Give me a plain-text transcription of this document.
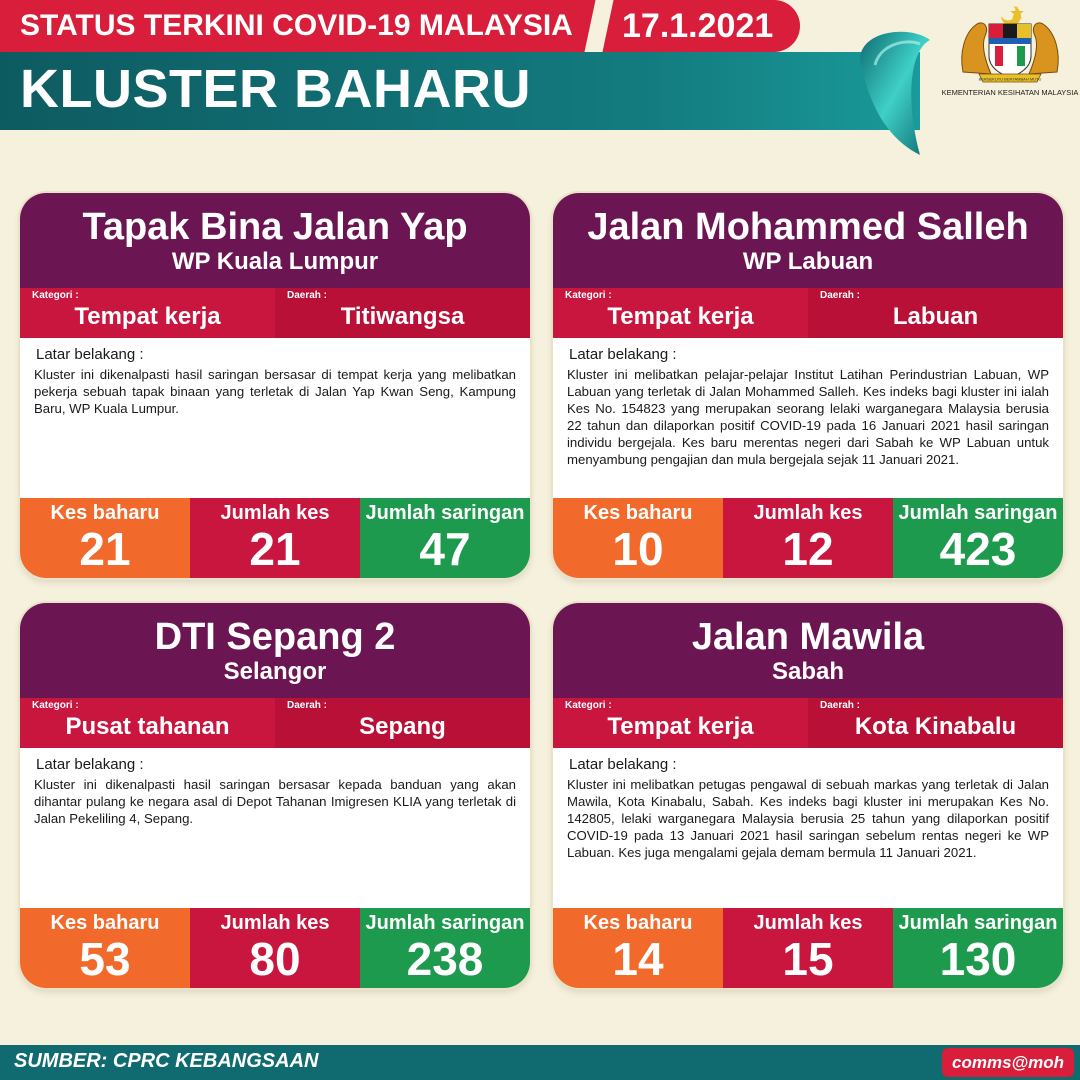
STATUS TERKINI COVID-19 MALAYSIA	17.1.2021
KLUSTER BAHARU	BERSEKUTU BERTAMBAH MUTU
KEMENTERIAN KESIHATAN MALAYSIA
Tapak Bina Jalan Yap
WP Kuala Lumpur
Kategori :
Tempat kerja
Daerah :
Titiwangsa
Latar belakang :
Kluster ini dikenalpasti hasil saringan bersasar di tempat kerja yang melibatkan pekerja sebuah tapak binaan yang terletak di Jalan Yap Kwan Seng, Kampung Baru, WP Kuala Lumpur.
Kes baharu
21
Jumlah kes
21
Jumlah saringan
47
Jalan Mohammed Salleh
WP Labuan
Kategori :
Tempat kerja
Daerah :
Labuan
Latar belakang :
Kluster ini melibatkan pelajar-pelajar Institut Latihan Perindustrian Labuan, WP Labuan yang terletak di Jalan Mohammed Salleh. Kes indeks bagi kluster ini ialah Kes No. 154823 yang merupakan seorang lelaki warganegara Malaysia berusia 22 tahun dan dilaporkan positif COVID-19 pada 16 Januari 2021 hasil saringan individu bergejala. Kes baru merentas negeri dari Sabah ke WP Labuan untuk menyambung pengajian dan mula bergejala sejak 11 Januari 2021.
Kes baharu
10
Jumlah kes
12
Jumlah saringan
423
DTI Sepang 2
Selangor
Kategori :
Pusat tahanan
Daerah :
Sepang
Latar belakang :
Kluster ini dikenalpasti hasil saringan bersasar kepada banduan yang akan dihantar pulang ke negara asal di Depot Tahanan Imigresen KLIA yang terletak di Jalan Pekeliling 4, Sepang.
Kes baharu
53
Jumlah kes
80
Jumlah saringan
238
Jalan Mawila
Sabah
Kategori :
Tempat kerja
Daerah :
Kota Kinabalu
Latar belakang :
Kluster ini melibatkan petugas pengawal di sebuah markas yang terletak di Jalan Mawila, Kota Kinabalu, Sabah. Kes indeks bagi kluster ini merupakan Kes No. 142805, lelaki warganegara Malaysia berusia 25 tahun yang dilaporkan positif COVID-19 pada 13 Januari 2021 hasil saringan sebelum rentas negeri ke WP Labuan. Kes juga mengalami gejala demam bermula 11 Januari 2021.
Kes baharu
14
Jumlah kes
15
Jumlah saringan
130
SUMBER: CPRC KEBANGSAAN	comms@moh
